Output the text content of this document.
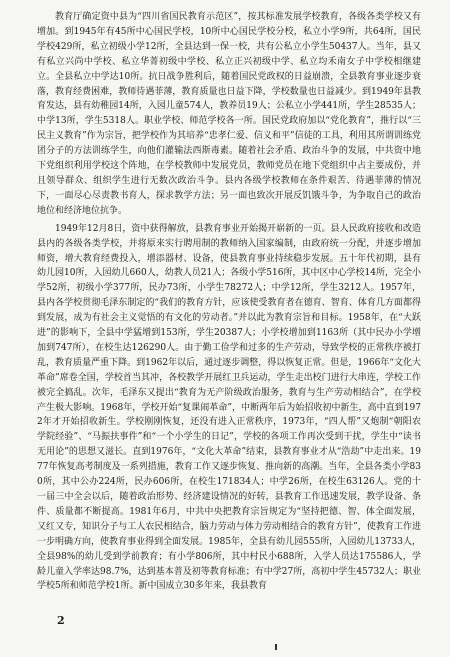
教育厅确定资中县为“四川省国民教育示范区”，按其标准发展学校教育，各级各类学校又有增加。到1945年有45所中心国民学校，10所中心国民学校分校，私立小学9所，共64所，国民学校429所，私立初级小学12所，全县达到一保一校，共有公私立小学生50437人。当年，县又有私立兴尚中学校、私立华菁初级中学校、私立正兴初级中学、私立均禾南女子中学校相继建立。全县私立中学达10所。抗日战争胜利后，随着国民党政权的日益崩溃，全县教育事业逐步衰落，教育经费困难，教师待遇菲薄，教育质量也日益下降，学校数量也日益减少。到1949年县教育发达，县有幼稚园14所，入园儿童574人，教养员19人；公私立小学441所，学生28535人；中学13所，学生5318人。职业学校、师范学校各一所。国民党政府加以“党化教育”，推行以“三民主义教育”作为宗旨，把学校作为其培养“忠孝仁爱、信义和平”信徒的工具，利用其所谓训练党团分子的方法训练学生，向他们灌输法西斯毒素。随着社会矛盾、政治斗争的发展，中共资中地下党组织利用学校这个阵地，在学校教师中发展党员，教师党员在地下党组织中占主要成份，并且领导群众、组织学生进行无数次政治斗争。县内各级学校教师在条件艰苦、待遇菲薄的情况下，一面尽心尽责教书育人，探求教学方法；另一面也致次开展反饥饿斗争，为争取自己的政治地位和经济地位抗争。

1949年12月8日，资中获得解放，县教育事业开始揭开崭新的一页。县人民政府接收和改造县内的各级各类学校，并将原来实行聘用制的教师纳入国家编制，由政府统一分配，并逐步增加师资，增大教育经费投入，增添器材、设备，使县教育事业持续稳步发展。五十年代初期，县有幼儿园10所，入园幼儿660人，幼教人员21人；各级小学516所，其中区中心学校14所，完全小学52所，初级小学377所，民办73所，小学生78272人；中学12所，学生3212人。1957年，县内各学校贯彻毛泽东制定的“我们的教育方针，应该使受教育者在德育、智育、体育几方面都得到发展，成为有社会主义觉悟的有文化的劳动者。”并以此为教育宗旨和目标。1958年，在“大跃进”的影响下，全县中学猛增到153所，学生20387人；小学校增加到1163所（其中民办小学增加到747所），在校生达126290人。由于勤工俭学和过多的生产劳动，导致学校的正常秩序被打乱，教育质量严重下降。到1962年以后，通过逐步调整，得以恢复正常。但是，1966年“文化大革命”席卷全国，学校首当其冲，各校教学开展红卫兵运动，学生走出校门进行大串连，学校工作被完全搞乱。次年，毛泽东又提出“教育为无产阶级政治服务，教育与生产劳动相结合”，在学校产生极大影响。1968年，学校开始“复课闹革命”，中断两年后为始招收初中新生，高中直到1972年才开始招收新生。学校刚刚恢复，还没有进入正常秩序，1973年，“四人帮”又炮制“朝阳农学院经验”、“马振扶事件”和“一个小学生的日记”，学校的各项工作再次受到干扰，学生中“读书无用论”的思想又滋长。直到1976年，“文化大革命”结束，县教育事业才从“浩劫”中走出来。1977年恢复高考制度及一系列措施，教育工作又逐步恢复、推向新的高潮。当年，全县各类小学830所，其中公办224所，民办606所，在校生171834人；中学26所，在校生63126人。党的十一届三中全会以后，随着政治形势、经济建设情况的好转，县教育工作迅速发展，教学设备、条件、质量都不断提高。1981年6月，中共中央把教育宗旨规定为“坚持把德、智、体全面发展，又红又专，知识分子与工人农民相结合，脑力劳动与体力劳动相结合的教育方针”，使教育工作进一步明确方向，使教育事业得到全面发展。1985年，全县有幼儿园555所，入园幼儿13733人，全县98%的幼儿受到学前教育；有小学806所，其中村民小688所，入学人员达175586人，学龄儿童入学率达98.7%，达到基本普及初等教育标准；有中学27所，高初中学生45732人；职业学校5所和师范学校1所。新中国成立30多年来，我县教育

2
